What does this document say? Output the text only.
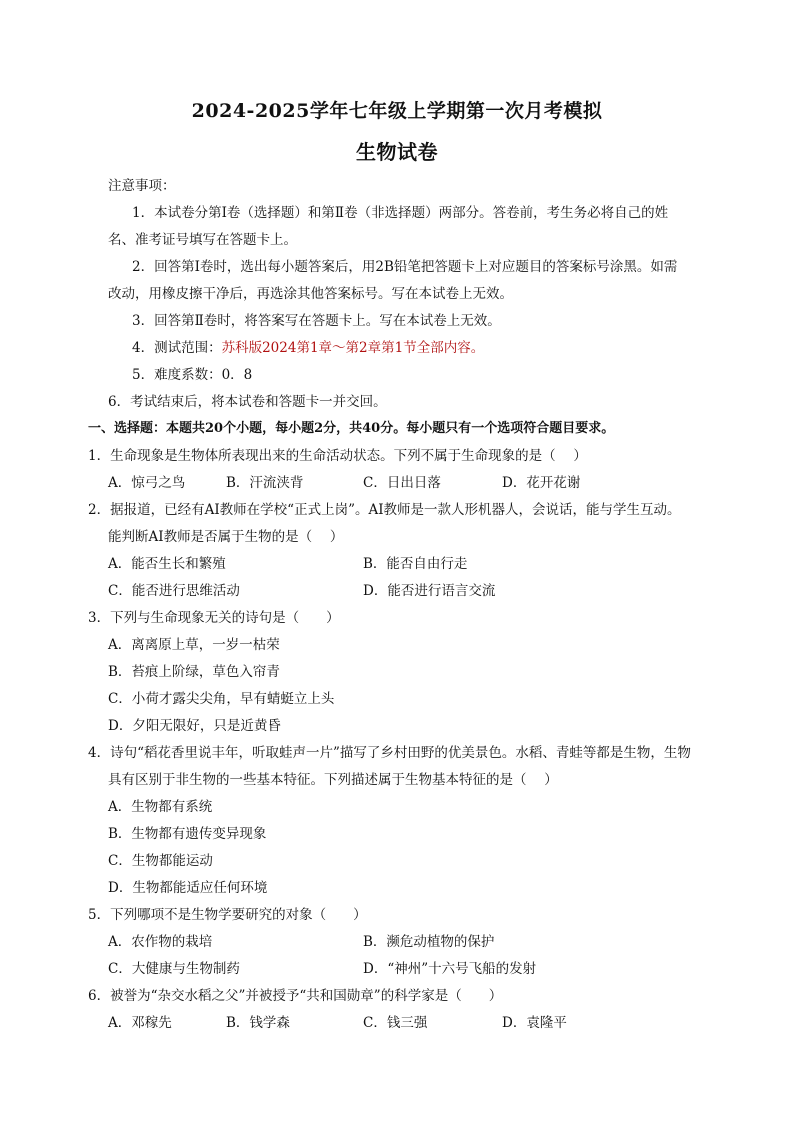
2024-2025学年七年级上学期第一次月考模拟
生物试卷
注意事项：
1．本试卷分第Ⅰ卷（选择题）和第Ⅱ卷（非选择题）两部分。答卷前，考生务必将自己的姓
名、准考证号填写在答题卡上。
2．回答第Ⅰ卷时，选出每小题答案后，用2B铅笔把答题卡上对应题目的答案标号涂黑。如需
改动，用橡皮擦干净后，再选涂其他答案标号。写在本试卷上无效。
3．回答第Ⅱ卷时，将答案写在答题卡上。写在本试卷上无效。
4．测试范围：苏科版2024第1章～第2章第1节全部内容。
5．难度系数：0．8
6．考试结束后，将本试卷和答题卡一并交回。
一、选择题：本题共20个小题，每小题2分，共40分。每小题只有一个选项符合题目要求。
1．生命现象是生物体所表现出来的生命活动状态。下列不属于生命现象的是（　 ）
A．惊弓之鸟	B．汗流浃背	C．日出日落	D．花开花谢
2．据报道，已经有AI教师在学校“正式上岗”。AI教师是一款人形机器人，会说话，能与学生互动。
能判断AI教师是否属于生物的是（　 ）
A．能否生长和繁殖	B．能否自由行走
C．能否进行思维活动	D．能否进行语言交流
3．下列与生命现象无关的诗句是（　　）
A．离离原上草，一岁一枯荣
B．苔痕上阶绿，草色入帘青
C．小荷才露尖尖角，早有蜻蜓立上头
D．夕阳无限好，只是近黄昏
4．诗句“稻花香里说丰年，听取蛙声一片”描写了乡村田野的优美景色。水稻、青蛙等都是生物，生物
具有区别于非生物的一些基本特征。下列描述属于生物基本特征的是（　 ）
A．生物都有系统
B．生物都有遗传变异现象
C．生物都能运动
D．生物都能适应任何环境
5．下列哪项不是生物学要研究的对象（　　）
A．农作物的栽培	B．濒危动植物的保护
C．大健康与生物制药	D．“神州”十六号飞船的发射
6．被誉为“杂交水稻之父”并被授予“共和国勋章”的科学家是（　　）
A．邓稼先	B．钱学森	C．钱三强	D．袁隆平
